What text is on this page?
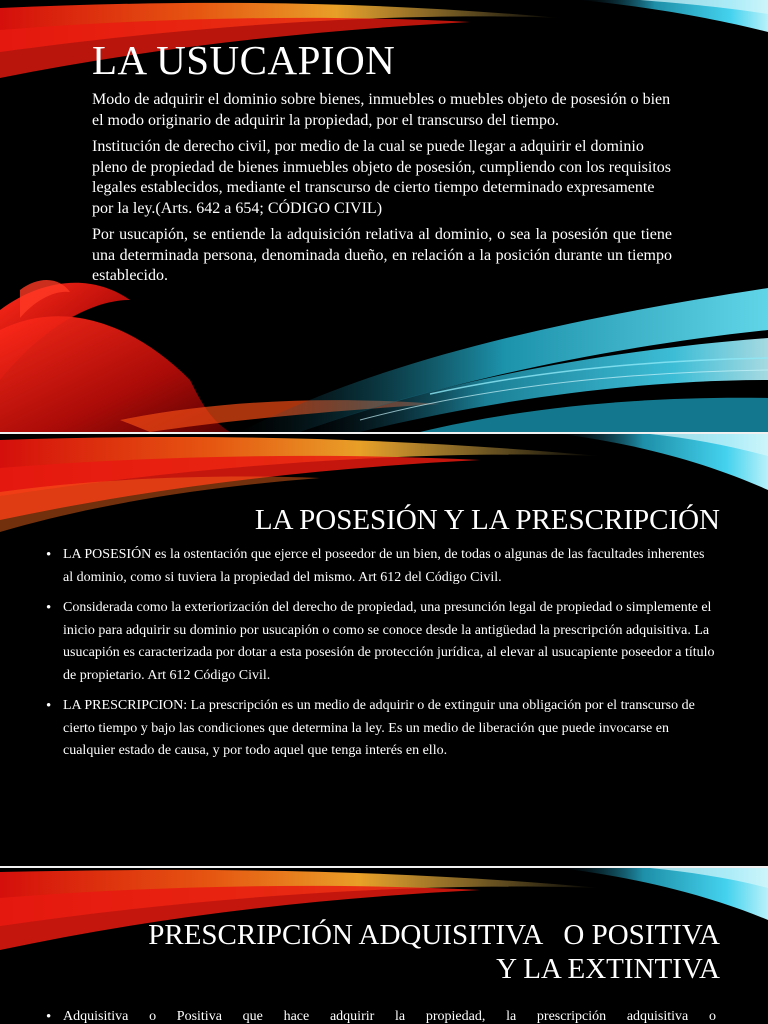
LA USUCAPION

Modo de adquirir el dominio sobre bienes, inmuebles o muebles objeto de posesión o bien el modo originario de adquirir la propiedad, por el transcurso del tiempo.

Institución de derecho civil, por medio de la cual se puede llegar a adquirir el dominio pleno de propiedad de bienes inmuebles objeto de posesión, cumpliendo con los requisitos legales establecidos, mediante el transcurso de cierto tiempo determinado expresamente por la ley.(Arts. 642 a 654; CÓDIGO CIVIL)

Por usucapión, se entiende la adquisición relativa al dominio, o sea la posesión que tiene una determinada persona, denominada dueño, en relación a la posición durante un tiempo establecido.

LA POSESIÓN Y LA PRESCRIPCIÓN
• LA POSESIÓN es la ostentación que ejerce el poseedor de un bien, de todas o algunas de las facultades inherentes al dominio, como si tuviera la propiedad del mismo. Art 612 del Código Civil.
• Considerada como la exteriorización del derecho de propiedad, una presunción legal de propiedad o simplemente el inicio para adquirir su dominio por usucapión o como se conoce desde la antigüedad la prescripción adquisitiva. La usucapión es caracterizada por dotar a esta posesión de protección jurídica, al elevar al usucapiente poseedor a título de propietario. Art 612 Código Civil.
• LA PRESCRIPCION: La prescripción es un medio de adquirir o de extinguir una obligación por el transcurso de cierto tiempo y bajo las condiciones que determina la ley. Es un medio de liberación que puede invocarse en cualquier estado de causa, y por todo aquel que tenga interés en ello.
PRESCRIPCIÓN ADQUISITIVA   O POSITIVA
Y LA EXTINTIVA
• Adquisitiva o Positiva que hace adquirir la propiedad, la prescripción adquisitiva o
